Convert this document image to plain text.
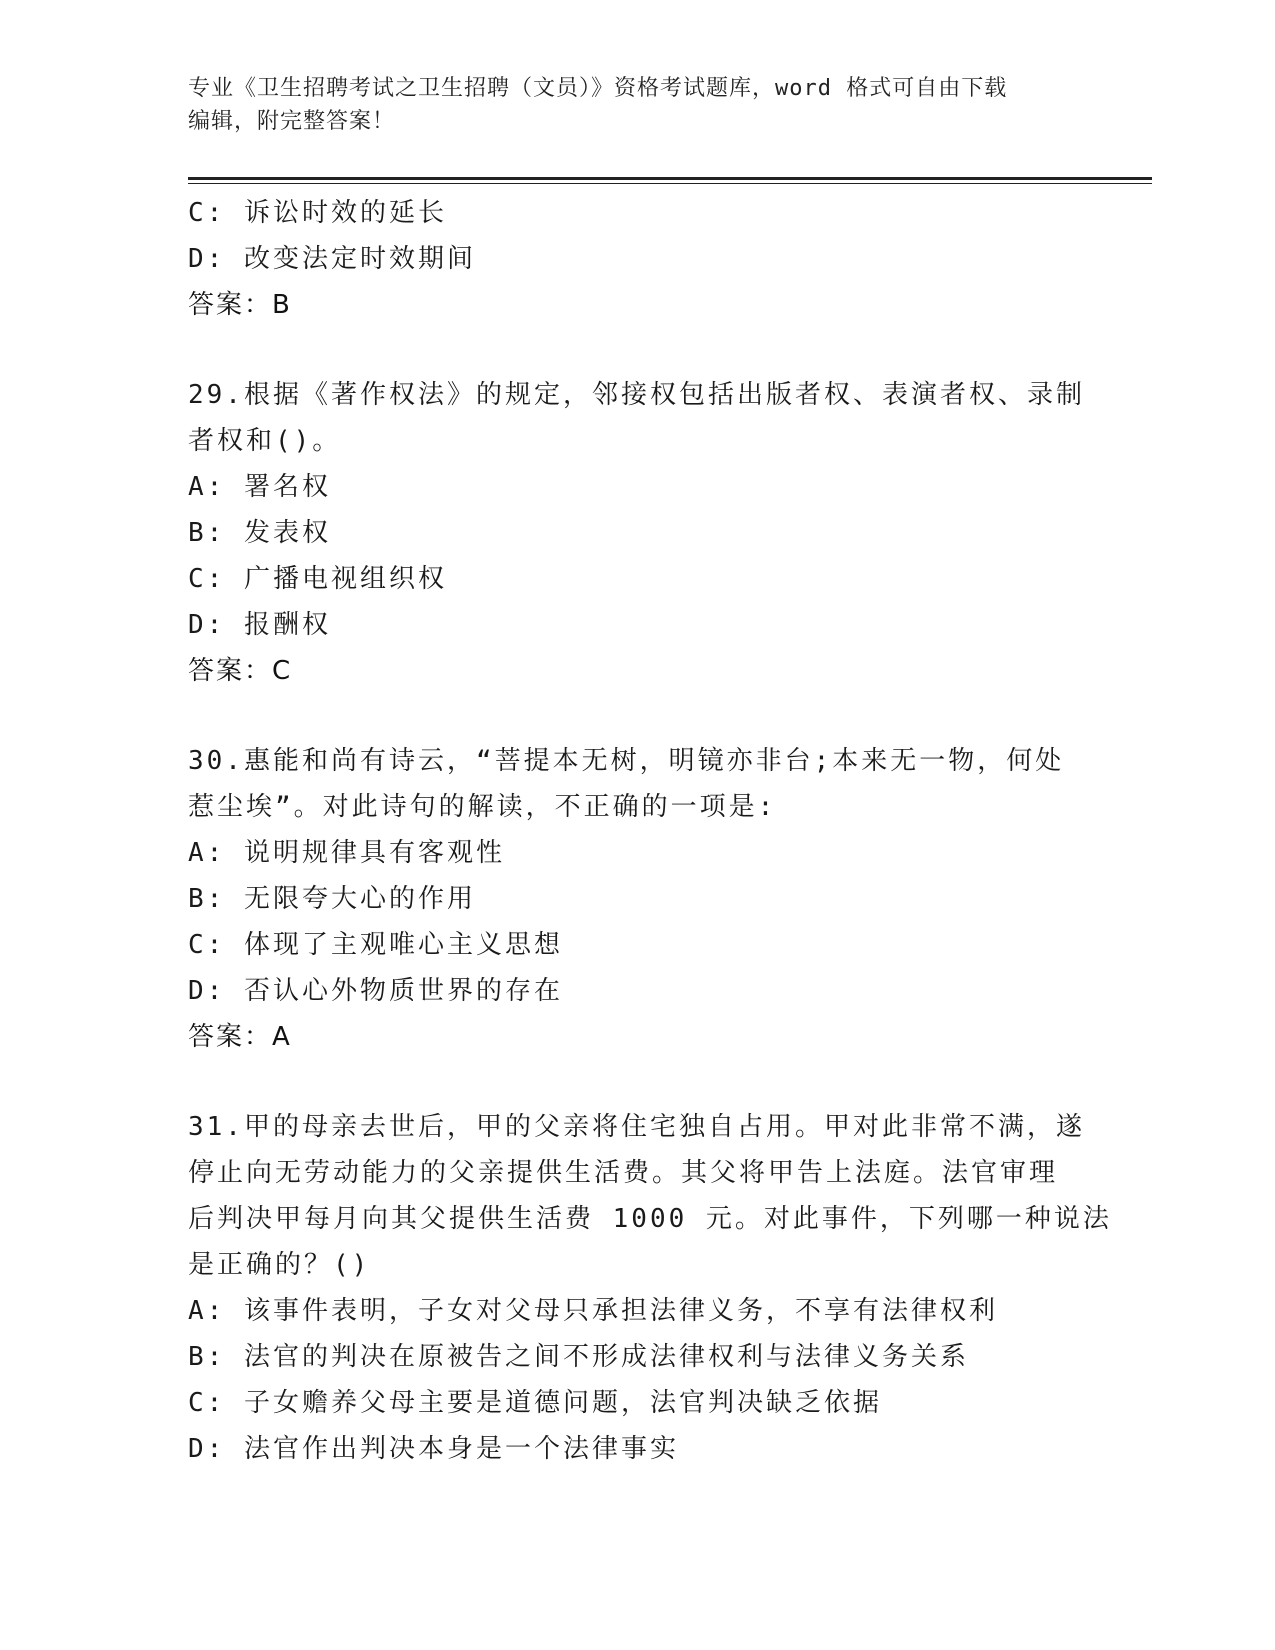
专业《卫生招聘考试之卫生招聘（文员）》资格考试题库，word 格式可自由下载
编辑，附完整答案！
C: 诉讼时效的延长
D: 改变法定时效期间
答案：B
29.根据《著作权法》的规定，邻接权包括出版者权、表演者权、录制
者权和()。
A: 署名权
B: 发表权
C: 广播电视组织权
D: 报酬权
答案：C
30.惠能和尚有诗云，“菩提本无树，明镜亦非台;本来无一物，何处
惹尘埃”。对此诗句的解读，不正确的一项是:
A: 说明规律具有客观性
B: 无限夸大心的作用
C: 体现了主观唯心主义思想
D: 否认心外物质世界的存在
答案：A
31.甲的母亲去世后，甲的父亲将住宅独自占用。甲对此非常不满，遂
停止向无劳动能力的父亲提供生活费。其父将甲告上法庭。法官审理
后判决甲每月向其父提供生活费 1000 元。对此事件，下列哪一种说法
是正确的？()
A: 该事件表明，子女对父母只承担法律义务，不享有法律权利
B: 法官的判决在原被告之间不形成法律权利与法律义务关系
C: 子女赡养父母主要是道德问题，法官判决缺乏依据
D: 法官作出判决本身是一个法律事实
